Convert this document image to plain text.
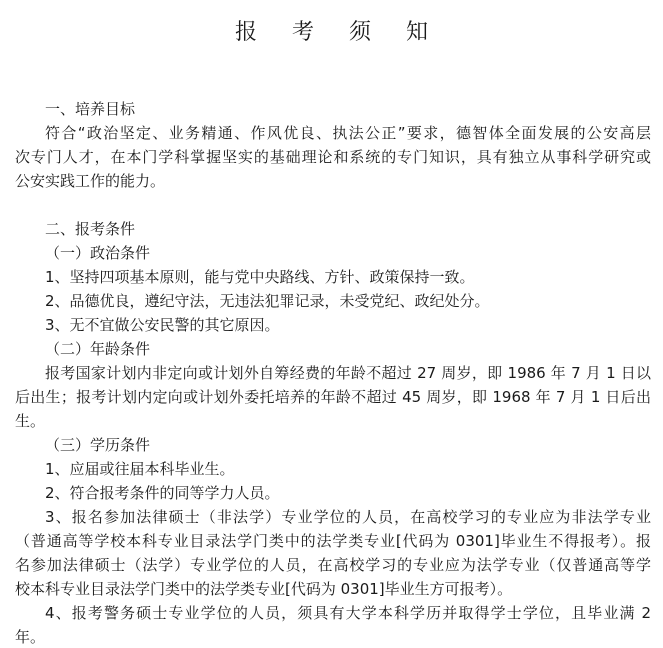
报 考 须 知
一、培养目标
符合“政治坚定、业务精通、作风优良、执法公正”要求，德智体全面发展的公安高层
次专门人才，在本门学科掌握坚实的基础理论和系统的专门知识，具有独立从事科学研究或
公安实践工作的能力。
二、报考条件
（一）政治条件
1、坚持四项基本原则，能与党中央路线、方针、政策保持一致。
2、品德优良，遵纪守法，无违法犯罪记录，未受党纪、政纪处分。
3、无不宜做公安民警的其它原因。
（二）年龄条件
报考国家计划内非定向或计划外自筹经费的年龄不超过 27 周岁，即 1986 年 7 月 1 日以
后出生；报考计划内定向或计划外委托培养的年龄不超过 45 周岁，即 1968 年 7 月 1 日后出
生。
（三）学历条件
1、应届或往届本科毕业生。
2、符合报考条件的同等学力人员。
3、报名参加法律硕士（非法学）专业学位的人员，在高校学习的专业应为非法学专业
（普通高等学校本科专业目录法学门类中的法学类专业[代码为 0301]毕业生不得报考）。报
名参加法律硕士（法学）专业学位的人员，在高校学习的专业应为法学专业（仅普通高等学
校本科专业目录法学门类中的法学类专业[代码为 0301]毕业生方可报考）。
4、报考警务硕士专业学位的人员，须具有大学本科学历并取得学士学位，且毕业满 2
年。
